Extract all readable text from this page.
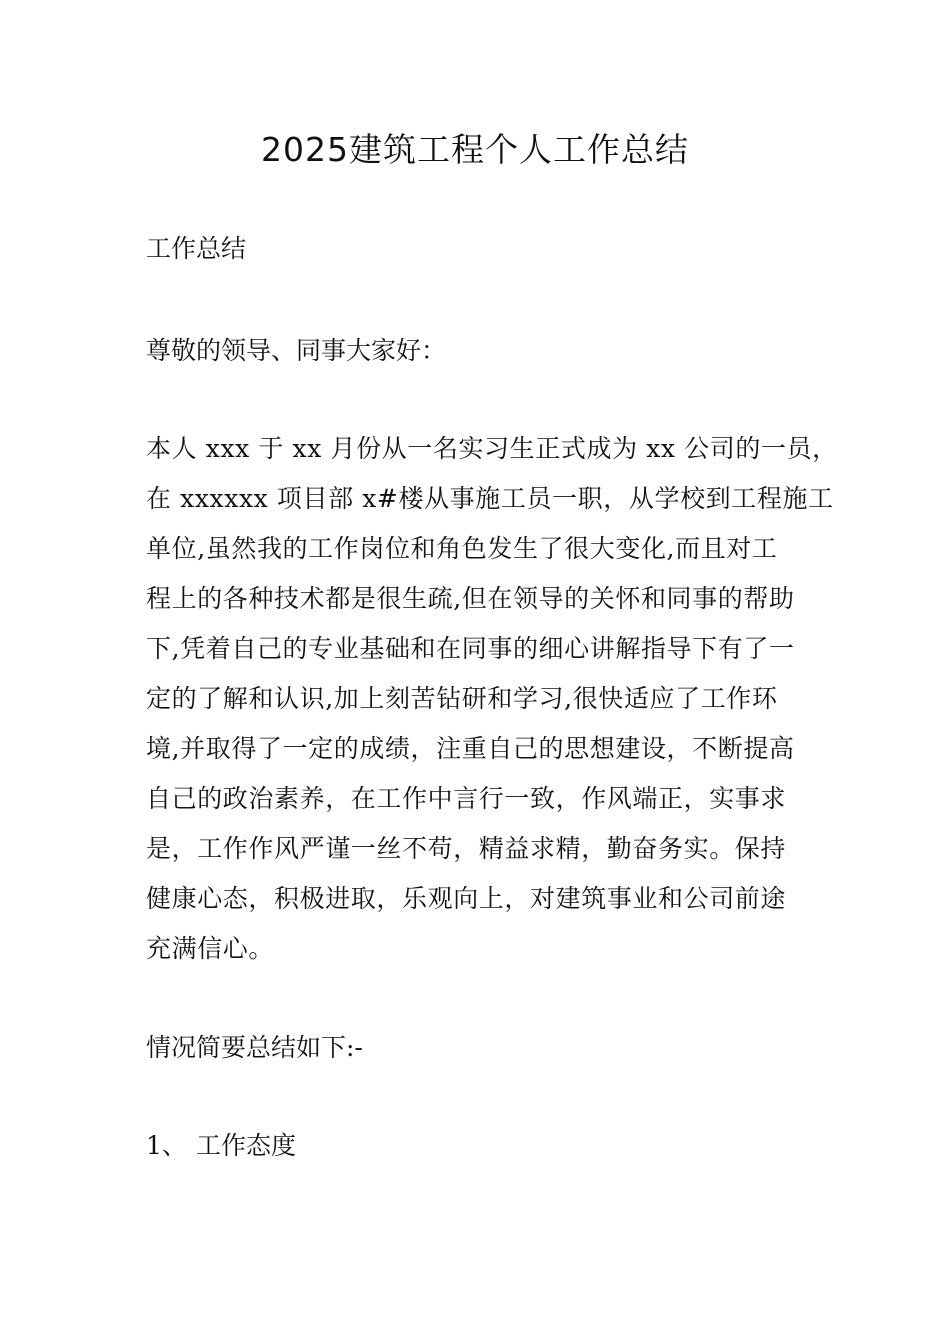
2025建筑工程个人工作总结

工作总结

尊敬的领导、同事大家好：

本人 xxx 于 xx 月份从一名实习生正式成为 xx 公司的一员，
在 xxxxxx 项目部 x#楼从事施工员一职，从学校到工程施工
单位,虽然我的工作岗位和角色发生了很大变化,而且对工
程上的各种技术都是很生疏,但在领导的关怀和同事的帮助
下,凭着自己的专业基础和在同事的细心讲解指导下有了一
定的了解和认识,加上刻苦钻研和学习,很快适应了工作环
境,并取得了一定的成绩，注重自己的思想建设，不断提高
自己的政治素养，在工作中言行一致，作风端正，实事求
是，工作作风严谨一丝不苟，精益求精，勤奋务实。保持
健康心态，积极进取，乐观向上，对建筑事业和公司前途
充满信心。

情况简要总结如下:-

1、 工作态度
